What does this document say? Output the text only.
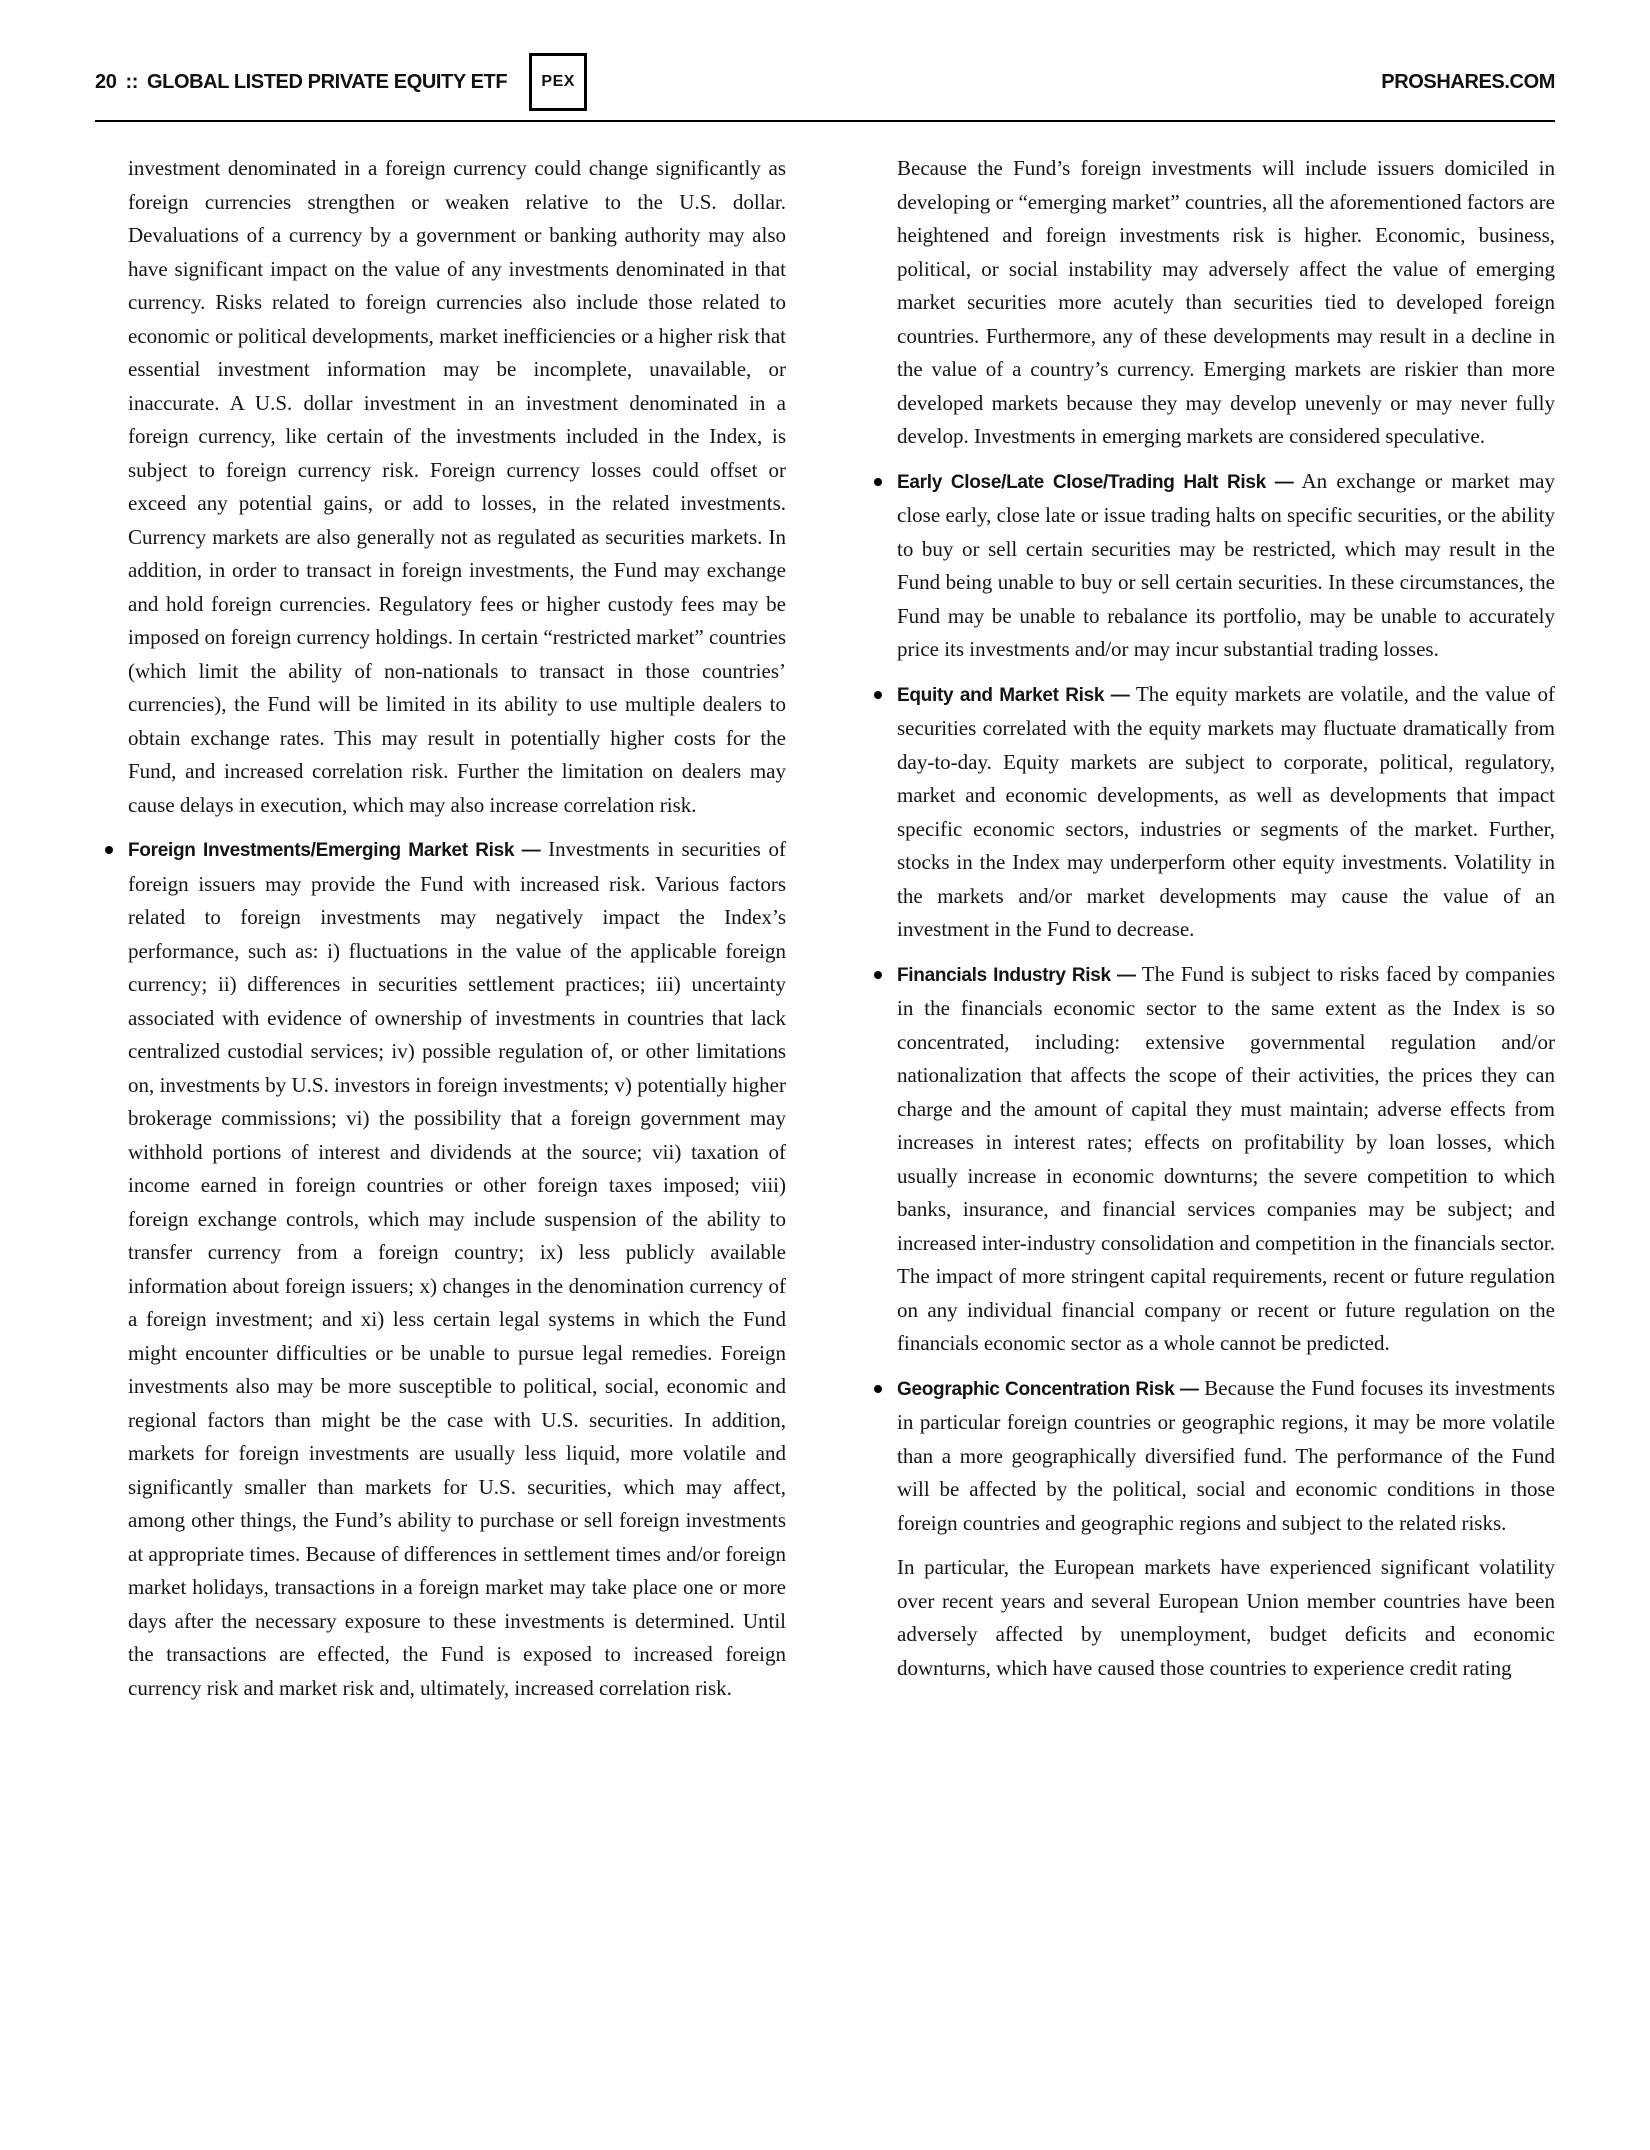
20 :: GLOBAL LISTED PRIVATE EQUITY ETF PEX	PROSHARES.COM

investment denominated in a foreign currency could change significantly as foreign currencies strengthen or weaken relative to the U.S. dollar. Devaluations of a currency by a government or banking authority may also have significant impact on the value of any investments denominated in that currency. Risks related to foreign currencies also include those related to economic or political developments, market inefficiencies or a higher risk that essential investment information may be incomplete, unavailable, or inaccurate. A U.S. dollar investment in an investment denominated in a foreign currency, like certain of the investments included in the Index, is subject to foreign currency risk. Foreign currency losses could offset or exceed any potential gains, or add to losses, in the related investments. Currency markets are also generally not as regulated as securities markets. In addition, in order to transact in foreign investments, the Fund may exchange and hold foreign currencies. Regulatory fees or higher custody fees may be imposed on foreign currency holdings. In certain “restricted market” countries (which limit the ability of non-nationals to transact in those countries’ currencies), the Fund will be limited in its ability to use multiple dealers to obtain exchange rates. This may result in potentially higher costs for the Fund, and increased correlation risk. Further the limitation on dealers may cause delays in execution, which may also increase correlation risk.

Foreign Investments/Emerging Market Risk — Investments in securities of foreign issuers may provide the Fund with increased risk. Various factors related to foreign investments may negatively impact the Index’s performance, such as: i) fluctuations in the value of the applicable foreign currency; ii) differences in securities settlement practices; iii) uncertainty associated with evidence of ownership of investments in countries that lack centralized custodial services; iv) possible regulation of, or other limitations on, investments by U.S. investors in foreign investments; v) potentially higher brokerage commissions; vi) the possibility that a foreign government may withhold portions of interest and dividends at the source; vii) taxation of income earned in foreign countries or other foreign taxes imposed; viii) foreign exchange controls, which may include suspension of the ability to transfer currency from a foreign country; ix) less publicly available information about foreign issuers; x) changes in the denomination currency of a foreign investment; and xi) less certain legal systems in which the Fund might encounter difficulties or be unable to pursue legal remedies. Foreign investments also may be more susceptible to political, social, economic and regional factors than might be the case with U.S. securities. In addition, markets for foreign investments are usually less liquid, more volatile and significantly smaller than markets for U.S. securities, which may affect, among other things, the Fund’s ability to purchase or sell foreign investments at appropriate times. Because of differences in settlement times and/or foreign market holidays, transactions in a foreign market may take place one or more days after the necessary exposure to these investments is determined. Until the transactions are effected, the Fund is exposed to increased foreign currency risk and market risk and, ultimately, increased correlation risk.

Because the Fund’s foreign investments will include issuers domiciled in developing or “emerging market” countries, all the aforementioned factors are heightened and foreign investments risk is higher. Economic, business, political, or social instability may adversely affect the value of emerging market securities more acutely than securities tied to developed foreign countries. Furthermore, any of these developments may result in a decline in the value of a country’s currency. Emerging markets are riskier than more developed markets because they may develop unevenly or may never fully develop. Investments in emerging markets are considered speculative.

Early Close/Late Close/Trading Halt Risk — An exchange or market may close early, close late or issue trading halts on specific securities, or the ability to buy or sell certain securities may be restricted, which may result in the Fund being unable to buy or sell certain securities. In these circumstances, the Fund may be unable to rebalance its portfolio, may be unable to accurately price its investments and/or may incur substantial trading losses.

Equity and Market Risk — The equity markets are volatile, and the value of securities correlated with the equity markets may fluctuate dramatically from day-to-day. Equity markets are subject to corporate, political, regulatory, market and economic developments, as well as developments that impact specific economic sectors, industries or segments of the market. Further, stocks in the Index may underperform other equity investments. Volatility in the markets and/or market developments may cause the value of an investment in the Fund to decrease.

Financials Industry Risk — The Fund is subject to risks faced by companies in the financials economic sector to the same extent as the Index is so concentrated, including: extensive governmental regulation and/or nationalization that affects the scope of their activities, the prices they can charge and the amount of capital they must maintain; adverse effects from increases in interest rates; effects on profitability by loan losses, which usually increase in economic downturns; the severe competition to which banks, insurance, and financial services companies may be subject; and increased inter-industry consolidation and competition in the financials sector. The impact of more stringent capital requirements, recent or future regulation on any individual financial company or recent or future regulation on the financials economic sector as a whole cannot be predicted.

Geographic Concentration Risk — Because the Fund focuses its investments in particular foreign countries or geographic regions, it may be more volatile than a more geographically diversified fund. The performance of the Fund will be affected by the political, social and economic conditions in those foreign countries and geographic regions and subject to the related risks.

In particular, the European markets have experienced significant volatility over recent years and several European Union member countries have been adversely affected by unemployment, budget deficits and economic downturns, which have caused those countries to experience credit rating
